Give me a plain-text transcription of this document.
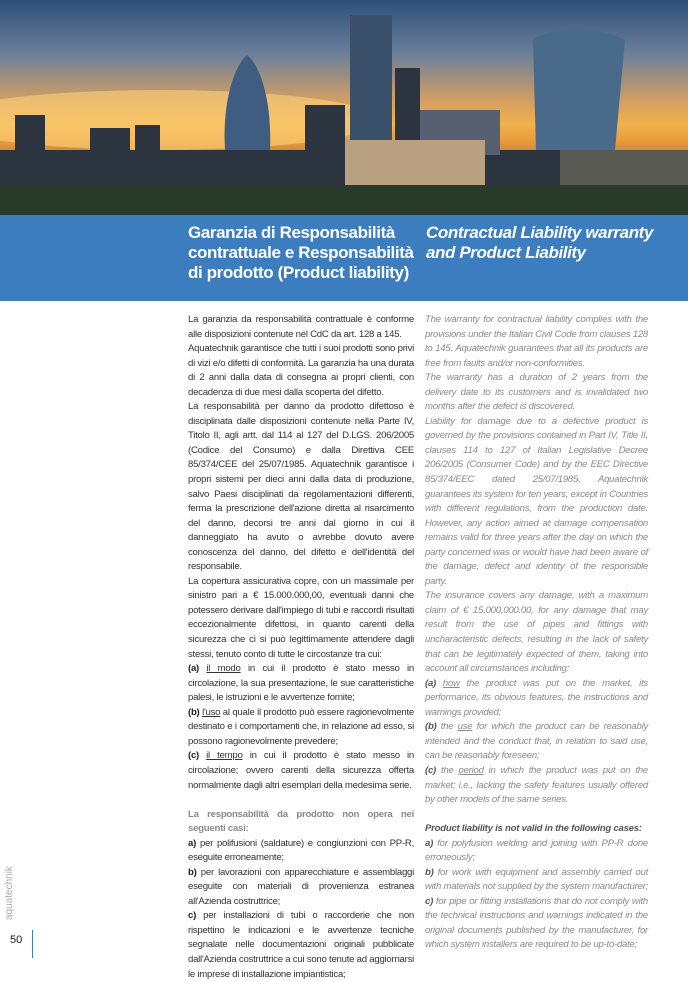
Garanzia di Responsabilità contrattuale e Responsabilità di prodotto (Product liability)
Contractual Liability warranty and Product Liability

La garanzia da responsabilità contrattuale è conforme alle disposizioni contenute nel CdC da art. 128 a 145.

Aquatechnik garantisce che tutti i suoi prodotti sono privi di vizi e/o difetti di conformità. La garanzia ha una durata di 2 anni dalla data di consegna ai propri clienti, con decadenza di due mesi dalla scoperta del difetto.

La responsabilità per danno da prodotto difettoso è disciplinata dalle disposizioni contenute nella Parte IV, Titolo II, agli artt. dal 114 al 127 del D.LGS. 206/2005 (Codice del Consumo) e dalla Direttiva CEE 85/374/CEE del 25/07/1985. Aquatechnik garantisce i propri sistemi per dieci anni dalla data di produzione, salvo Paesi disciplinati da regolamentazioni differenti, ferma la prescrizione dell'azione diretta al risarcimento del danno, decorsi tre anni dal giorno in cui il danneggiato ha avuto o avrebbe dovuto avere conoscenza del danno, del difetto e dell'identità del responsabile.

La copertura assicurativa copre, con un massimale per sinistro pari a € 15.000.000,00, eventuali danni che potessero derivare dall'impiego di tubi e raccordi risultati eccezionalmente difettosi, in quanto carenti della sicurezza che ci si può legittimamente attendere dagli stessi, tenuto conto di tutte le circostanze tra cui:

(a) il modo in cui il prodotto è stato messo in circolazione, la sua presentazione, le sue caratteristiche palesi, le istruzioni e le avvertenze fornite;

(b) l'uso al quale il prodotto può essere ragionevolmente destinato e i comportamenti che, in relazione ad esso, si possono ragionevolmente prevedere;

(c) il tempo in cui il prodotto è stato messo in circolazione; ovvero carenti della sicurezza offerta normalmente dagli altri esemplari della medesima serie.

La responsabilità da prodotto non opera nei seguenti casi:

a) per polifusioni (saldature) e congiunzioni con PP-R, eseguite erroneamente;

b) per lavorazioni con apparecchiature e assemblaggi eseguite con materiali di provenienza estranea all'Azienda costruttrice;

c) per installazioni di tubi o raccorderie che non rispettino le indicazioni e le avvertenze tecniche segnalate nelle documentazioni originali pubblicate dall'Azienda costruttrice a cui sono tenute ad aggiornarsi le imprese di installazione impiantistica;

The warranty for contractual liability complies with the provisions under the Italian Civil Code from clauses 128 to 145. Aquatechnik guarantees that all its products are free from faults and/or non-conformities.

The warranty has a duration of 2 years from the delivery date to its customers and is invalidated two months after the defect is discovered.

Liability for damage due to a defective product is governed by the provisions contained in Part IV, Title II, clauses 114 to 127 of Italian Legislative Decree 206/2005 (Consumer Code) and by the EEC Directive 85/374/EEC dated 25/07/1985. Aquatechnik guarantees its system for ten years, except in Countries with different regulations, from the production date. However, any action aimed at damage compensation remains valid for three years after the day on which the party concerned was or would have had been aware of the damage, defect and identity of the responsible party.

The insurance covers any damage, with a maximum claim of € 15,000,000.00, for any damage that may result from the use of pipes and fittings with uncharacteristic defects, resulting in the lack of safety that can be legitimately expected of them, taking into account all circumstances including:

(a) how the product was put on the market, its performance, its obvious features, the instructions and warnings provided;

(b) the use for which the product can be reasonably intended and the conduct that, in relation to said use, can be reasonably foreseen;

(c) the period in which the product was put on the market; i.e., lacking the safety features usually offered by other models of the same series.

Product liability is not valid in the following cases:

a) for polyfusion welding and joining with PP-R done erroneously;

b) for work with equipment and assembly carried out with materials not supplied by the system manufacturer;

c) for pipe or fitting installations that do not comply with the technical instructions and warnings indicated in the original documents published by the manufacturer, for which system installers are required to be up-to-date;

aquatechnik
50
